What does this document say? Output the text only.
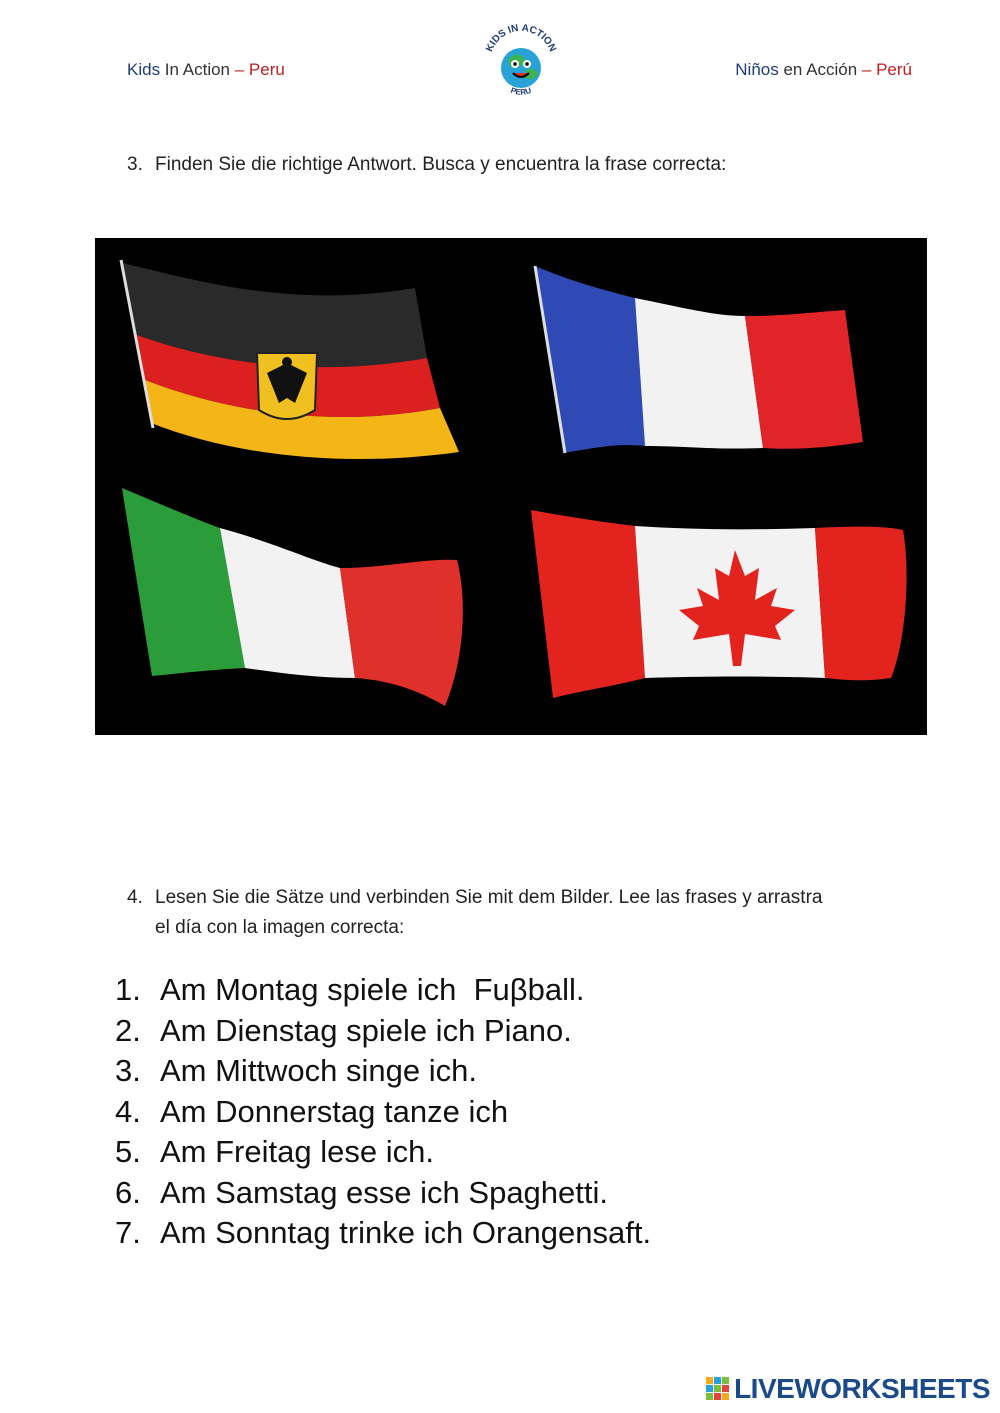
Kids In Action – Peru
KIDS IN ACTION
PERU
Niños en Acción – Perú
3. Finden Sie die richtige Antwort. Busca y encuentra la frase correcta:
4. Lesen Sie die Sätze und verbinden Sie mit dem Bilder. Lee las frases y arrastra
el día con la imagen correcta:
1. Am Montag spiele ich  Fuβball.
2. Am Dienstag spiele ich Piano.
3. Am Mittwoch singe ich.
4. Am Donnerstag tanze ich
5. Am Freitag lese ich.
6. Am Samstag esse ich Spaghetti.
7. Am Sonntag trinke ich Orangensaft.
LIVEWORKSHEETS
